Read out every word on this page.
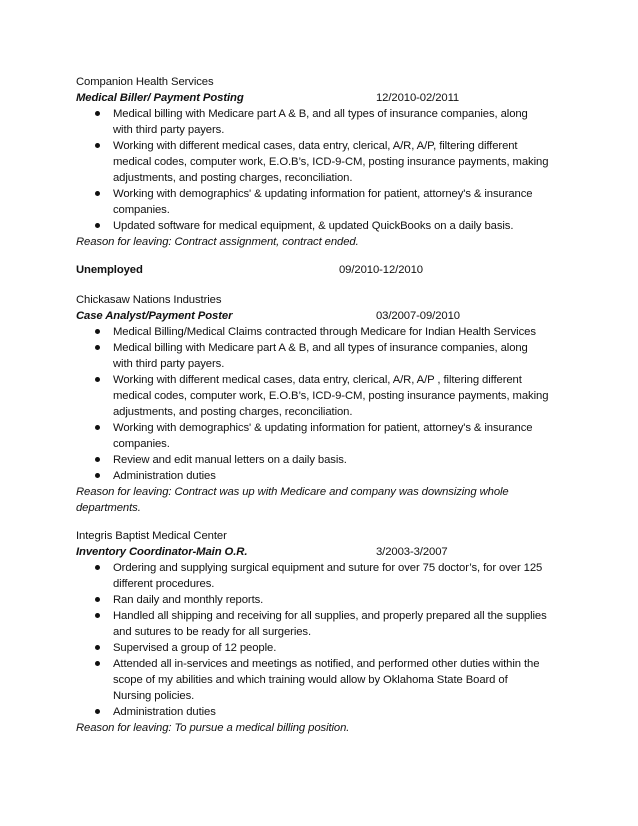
Companion Health Services
Medical Biller/ Payment Posting	12/2010-02/2011
Medical billing with Medicare part A & B, and all types of insurance companies, along
with third party payers.
Working with different medical cases, data entry, clerical, A/R, A/P, filtering different
medical codes, computer work, E.O.B’s, ICD-9-CM, posting insurance payments, making
adjustments, and posting charges, reconciliation.
Working with demographics' & updating information for patient, attorney's & insurance
companies.
Updated software for medical equipment, & updated QuickBooks on a daily basis.
Reason for leaving: Contract assignment, contract ended.
Unemployed	09/2010-12/2010
Chickasaw Nations Industries
Case Analyst/Payment Poster	03/2007-09/2010
Medical Billing/Medical Claims contracted through Medicare for Indian Health Services
Medical billing with Medicare part A & B, and all types of insurance companies, along
with third party payers.
Working with different medical cases, data entry, clerical, A/R, A/P , filtering different
medical codes, computer work, E.O.B’s, ICD-9-CM, posting insurance payments, making
adjustments, and posting charges, reconciliation.
Working with demographics' & updating information for patient, attorney's & insurance
companies.
Review and edit manual letters on a daily basis.
Administration duties
Reason for leaving: Contract was up with Medicare and company was downsizing whole
departments.
Integris Baptist Medical Center
Inventory Coordinator-Main O.R.	3/2003-3/2007
Ordering and supplying surgical equipment and suture for over 75 doctor’s, for over 125
different procedures.
Ran daily and monthly reports.
Handled all shipping and receiving for all supplies, and properly prepared all the supplies
and sutures to be ready for all surgeries.
Supervised a group of 12 people.
Attended all in-services and meetings as notified, and performed other duties within the
scope of my abilities and which training would allow by Oklahoma State Board of
Nursing policies.
Administration duties
Reason for leaving: To pursue a medical billing position.
